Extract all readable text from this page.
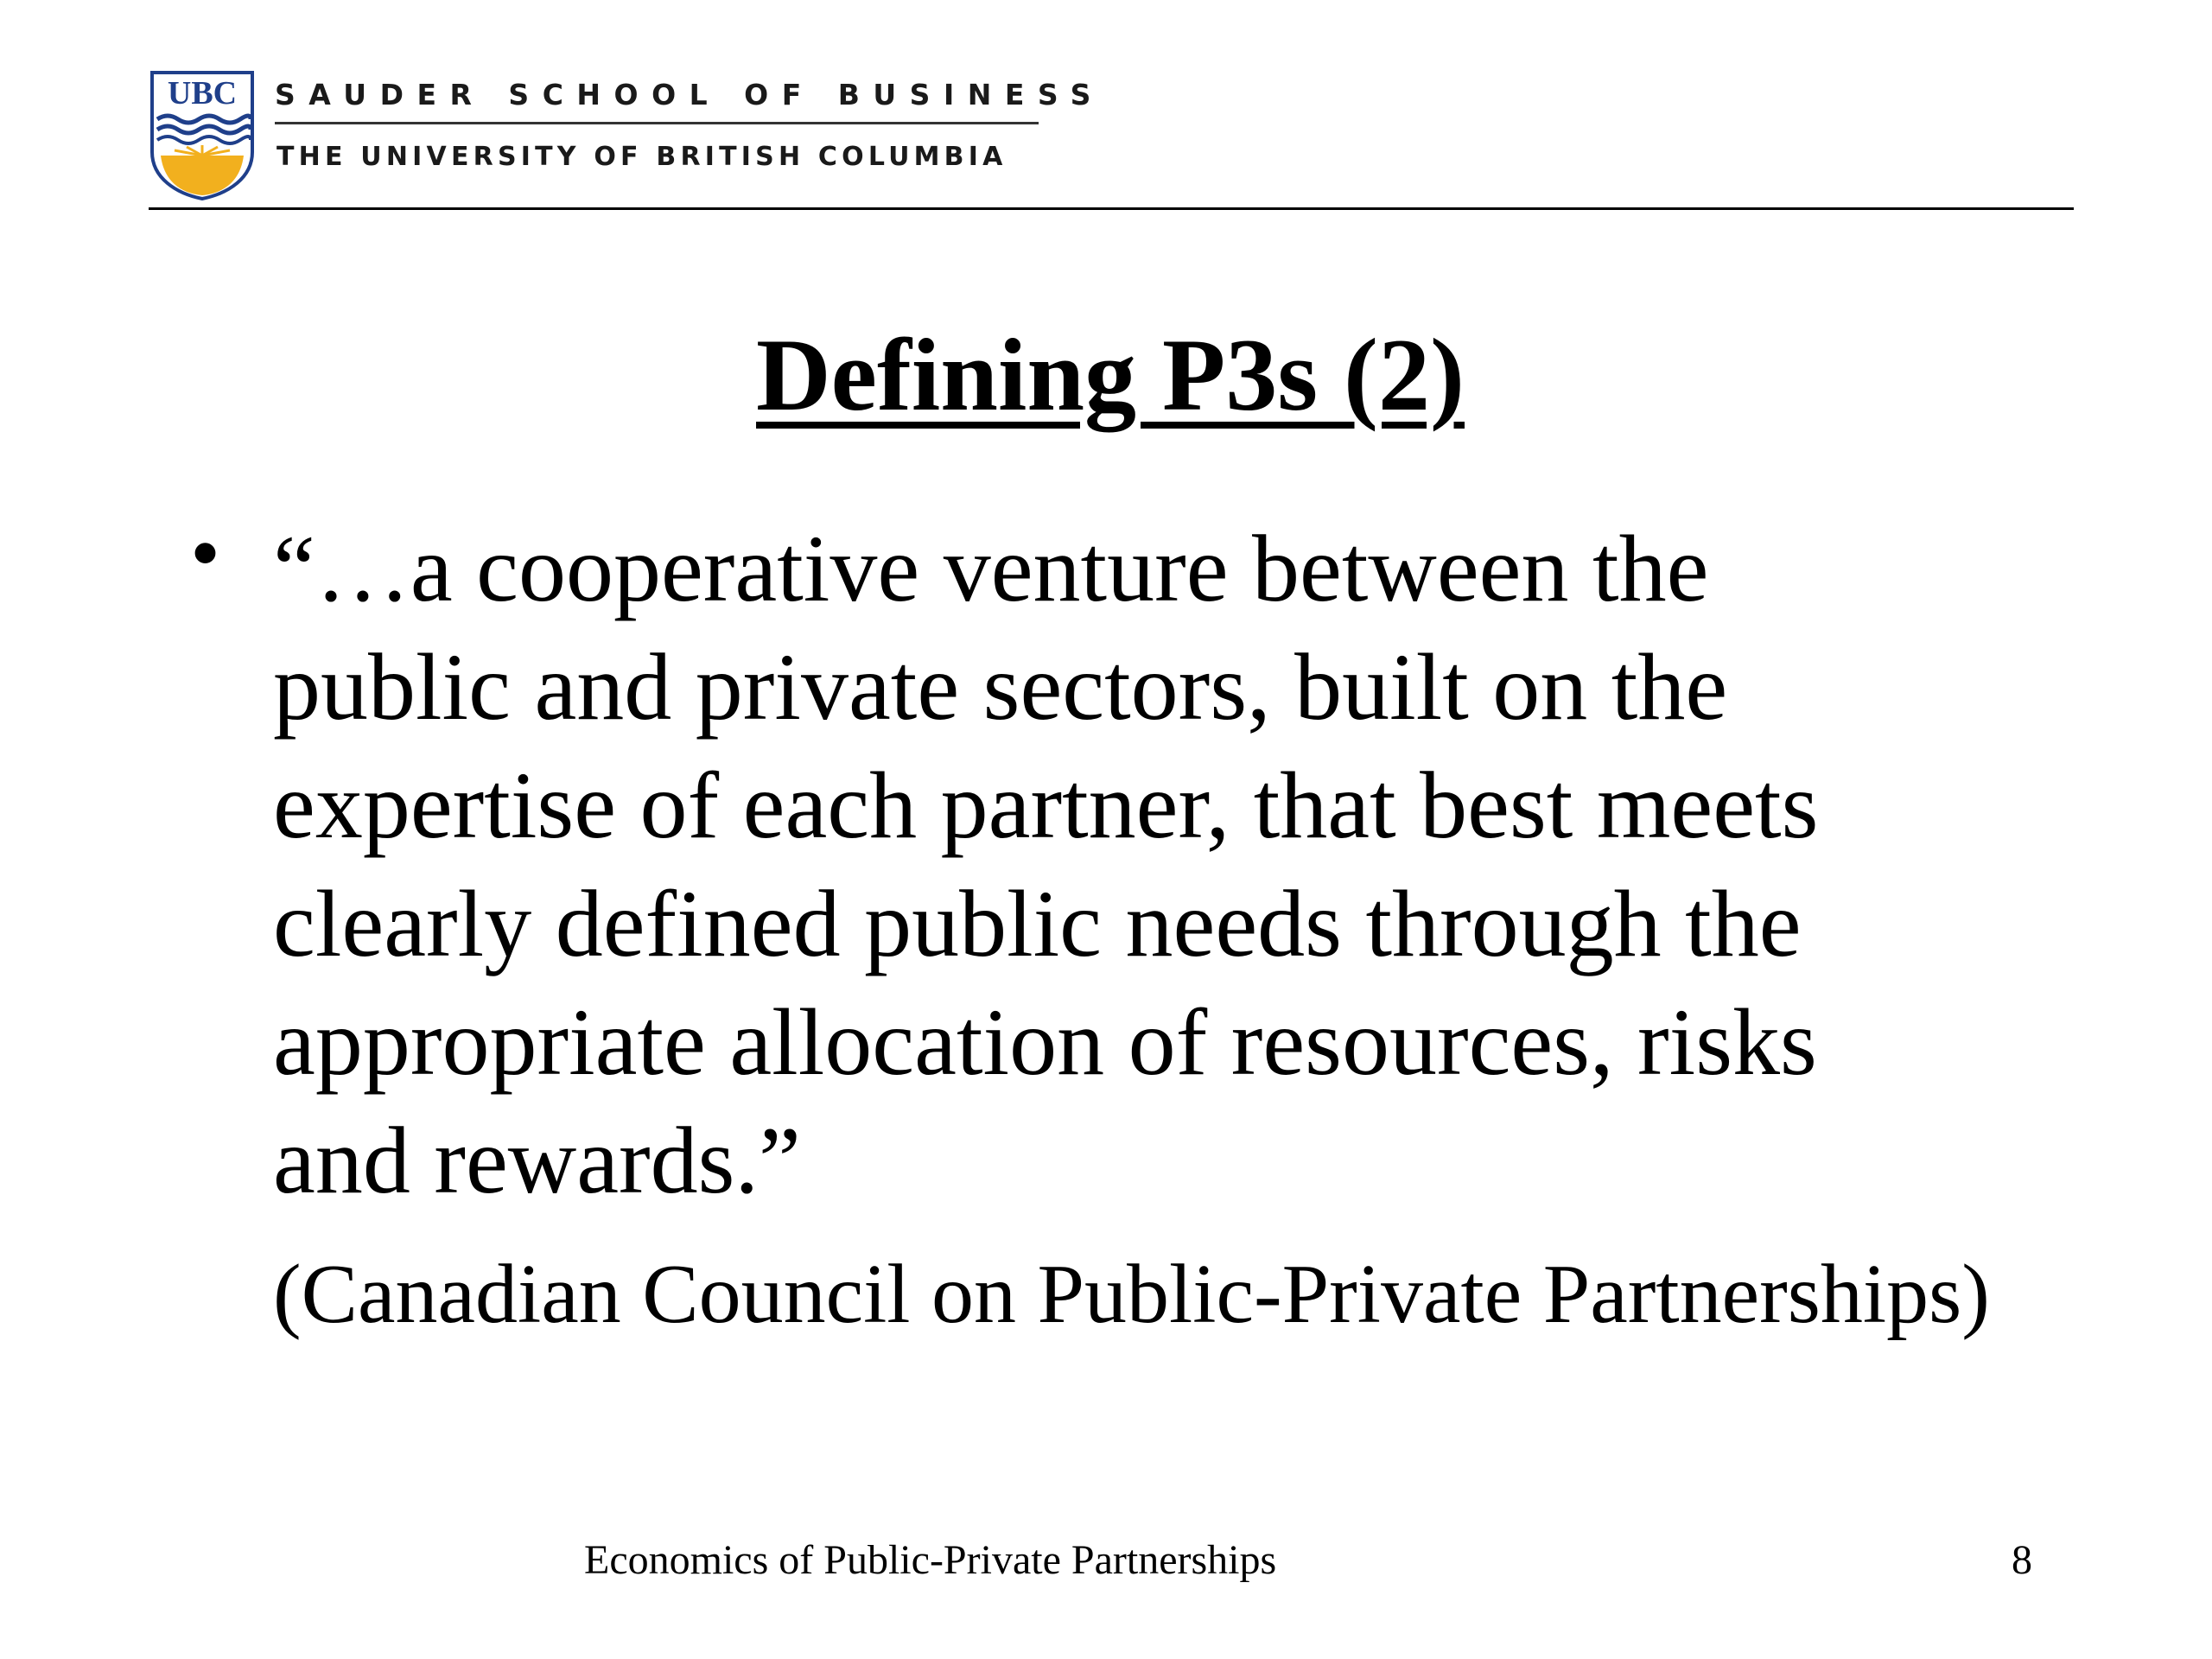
UBC SAUDER SCHOOL OF BUSINESS
THE UNIVERSITY OF BRITISH COLUMBIA
Defining P3s (2)
• “…a cooperative venture between the
public and private sectors, built on the
expertise of each partner, that best meets
clearly defined public needs through the
appropriate allocation of resources, risks
and rewards.”
(Canadian Council on Public-Private Partnerships)
Economics of Public-Private Partnerships	8
